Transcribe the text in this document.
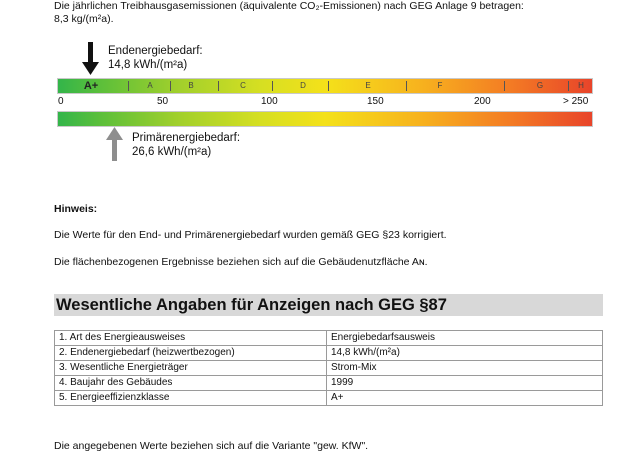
Die jährlichen Treibhausgasemissionen (äquivalente CO₂-Emissionen) nach GEG Anlage 9 betragen:
8,3 kg/(m²a).
Endenergiebedarf:
14,8 kWh/(m²a)
A+	A	B	C	D	E	F	G	H
0	50	100	150	200	> 250
Primärenergiebedarf:
26,6 kWh/(m²a)
Hinweis:
Die Werte für den End- und Primärenergiebedarf wurden gemäß GEG §23 korrigiert.
Die flächenbezogenen Ergebnisse beziehen sich auf die Gebäudenutzfläche Aɴ.
Wesentliche Angaben für Anzeigen nach GEG §87
1. Art des Energieausweises	Energiebedarfsausweis
2. Endenergiebedarf (heizwertbezogen)	14,8 kWh/(m²a)
3. Wesentliche Energieträger	Strom-Mix
4. Baujahr des Gebäudes	1999
5. Energieeffizienzklasse	A+
Die angegebenen Werte beziehen sich auf die Variante "gew. KfW".
